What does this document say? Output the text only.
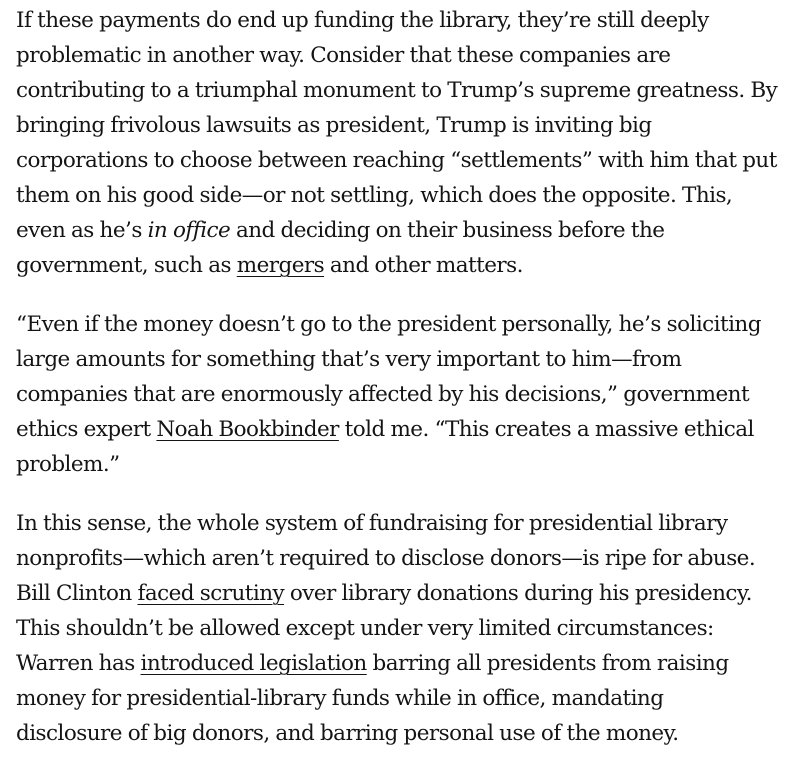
If these payments do end up funding the library, they’re still deeply
problematic in another way. Consider that these companies are
contributing to a triumphal monument to Trump’s supreme greatness. By
bringing frivolous lawsuits as president, Trump is inviting big
corporations to choose between reaching “settlements” with him that put
them on his good side—or not settling, which does the opposite. This,
even as he’s in office and deciding on their business before the
government, such as mergers and other matters.

“Even if the money doesn’t go to the president personally, he’s soliciting
large amounts for something that’s very important to him—from
companies that are enormously affected by his decisions,” government
ethics expert Noah Bookbinder told me. “This creates a massive ethical
problem.”

In this sense, the whole system of fundraising for presidential library
nonprofits—which aren’t required to disclose donors—is ripe for abuse.
Bill Clinton faced scrutiny over library donations during his presidency.
This shouldn’t be allowed except under very limited circumstances:
Warren has introduced legislation barring all presidents from raising
money for presidential-library funds while in office, mandating
disclosure of big donors, and barring personal use of the money.
